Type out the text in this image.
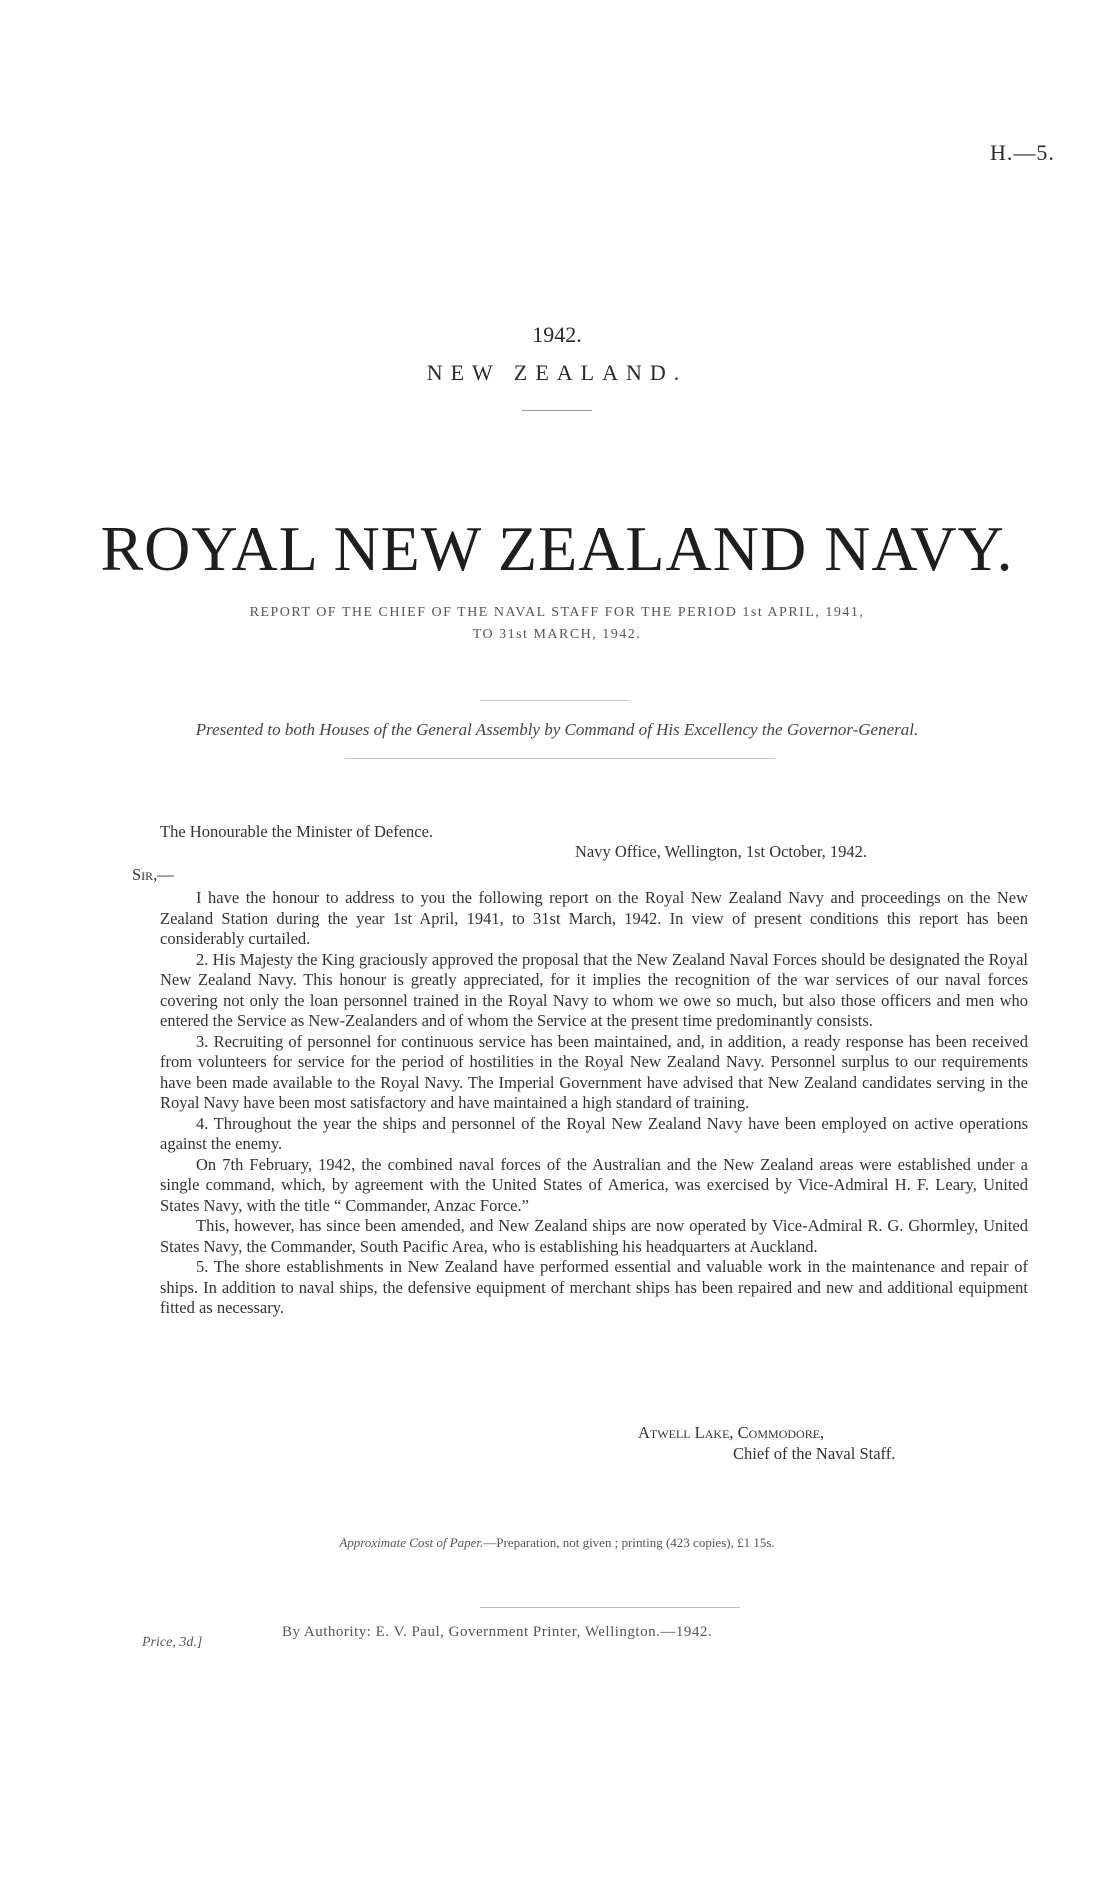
H.—5.
1942.
NEW ZEALAND.
ROYAL NEW ZEALAND NAVY.
REPORT OF THE CHIEF OF THE NAVAL STAFF FOR THE PERIOD 1st APRIL, 1941,
TO 31st MARCH, 1942.
Presented to both Houses of the General Assembly by Command of His Excellency the Governor-General.
The Honourable the Minister of Defence.
Navy Office, Wellington, 1st October, 1942.
Sir,—

I have the honour to address to you the following report on the Royal New Zealand Navy and proceedings on the New Zealand Station during the year 1st April, 1941, to 31st March, 1942. In view of present conditions this report has been considerably curtailed.

2. His Majesty the King graciously approved the proposal that the New Zealand Naval Forces should be designated the Royal New Zealand Navy. This honour is greatly appreciated, for it implies the recognition of the war services of our naval forces covering not only the loan personnel trained in the Royal Navy to whom we owe so much, but also those officers and men who entered the Service as New-Zealanders and of whom the Service at the present time predominantly consists.

3. Recruiting of personnel for continuous service has been maintained, and, in addition, a ready response has been received from volunteers for service for the period of hostilities in the Royal New Zealand Navy. Personnel surplus to our requirements have been made available to the Royal Navy. The Imperial Government have advised that New Zealand candidates serving in the Royal Navy have been most satisfactory and have maintained a high standard of training.

4. Throughout the year the ships and personnel of the Royal New Zealand Navy have been employed on active operations against the enemy.

On 7th February, 1942, the combined naval forces of the Australian and the New Zealand areas were established under a single command, which, by agreement with the United States of America, was exercised by Vice-Admiral H. F. Leary, United States Navy, with the title “ Commander, Anzac Force.”

This, however, has since been amended, and New Zealand ships are now operated by Vice-Admiral R. G. Ghormley, United States Navy, the Commander, South Pacific Area, who is establishing his headquarters at Auckland.

5. The shore establishments in New Zealand have performed essential and valuable work in the maintenance and repair of ships. In addition to naval ships, the defensive equipment of merchant ships has been repaired and new and additional equipment fitted as necessary.

Atwell Lake, Commodore,
Chief of the Naval Staff.
Approximate Cost of Paper.—Preparation, not given ; printing (423 copies), £1 15s.
Price, 3d.]
By Authority: E. V. Paul, Government Printer, Wellington.—1942.
